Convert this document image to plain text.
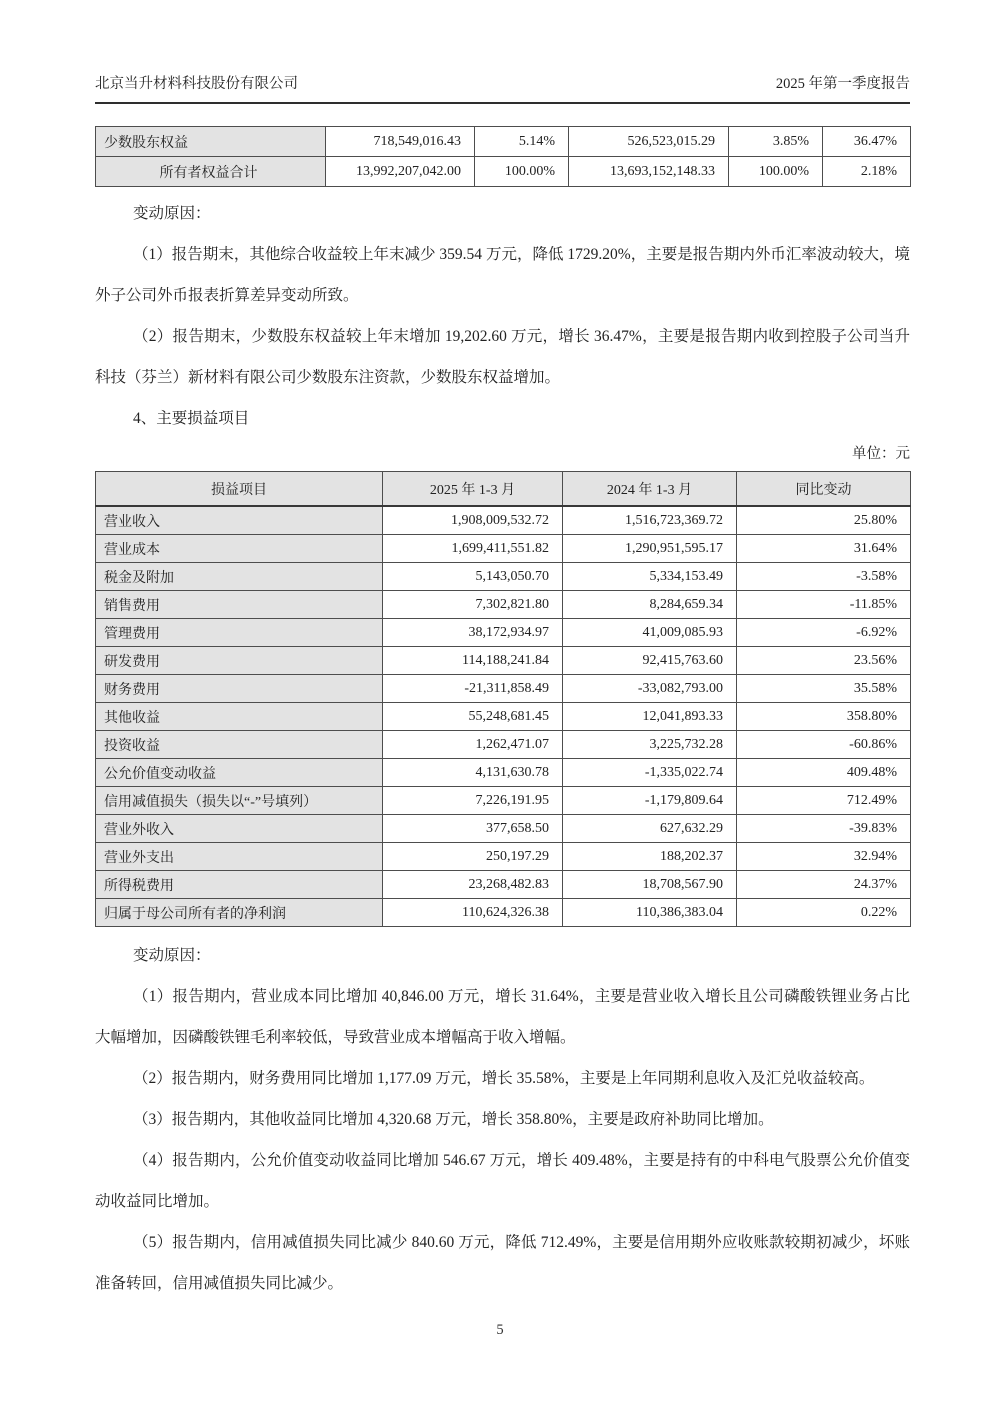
北京当升材料科技股份有限公司	2025 年第一季度报告
少数股东权益	718,549,016.43	5.14%	526,523,015.29	3.85%	36.47%
所有者权益合计	13,992,207,042.00	100.00%	13,693,152,148.33	100.00%	2.18%

变动原因：

（1）报告期末，其他综合收益较上年末减少 359.54 万元，降低 1729.20%，主要是报告期内外币汇率波动较大，境外子公司外币报表折算差异变动所致。

（2）报告期末，少数股东权益较上年末增加 19,202.60 万元，增长 36.47%，主要是报告期内收到控股子公司当升科技（芬兰）新材料有限公司少数股东注资款，少数股东权益增加。

4、主要损益项目

单位：元
损益项目	2025 年 1-3 月	2024 年 1-3 月	同比变动
营业收入	1,908,009,532.72	1,516,723,369.72	25.80%
营业成本	1,699,411,551.82	1,290,951,595.17	31.64%
税金及附加	5,143,050.70	5,334,153.49	-3.58%
销售费用	7,302,821.80	8,284,659.34	-11.85%
管理费用	38,172,934.97	41,009,085.93	-6.92%
研发费用	114,188,241.84	92,415,763.60	23.56%
财务费用	-21,311,858.49	-33,082,793.00	35.58%
其他收益	55,248,681.45	12,041,893.33	358.80%
投资收益	1,262,471.07	3,225,732.28	-60.86%
公允价值变动收益	4,131,630.78	-1,335,022.74	409.48%
信用减值损失（损失以“-”号填列）	7,226,191.95	-1,179,809.64	712.49%
营业外收入	377,658.50	627,632.29	-39.83%
营业外支出	250,197.29	188,202.37	32.94%
所得税费用	23,268,482.83	18,708,567.90	24.37%
归属于母公司所有者的净利润	110,624,326.38	110,386,383.04	0.22%

变动原因：

（1）报告期内，营业成本同比增加 40,846.00 万元，增长 31.64%，主要是营业收入增长且公司磷酸铁锂业务占比大幅增加，因磷酸铁锂毛利率较低，导致营业成本增幅高于收入增幅。

（2）报告期内，财务费用同比增加 1,177.09 万元，增长 35.58%，主要是上年同期利息收入及汇兑收益较高。

（3）报告期内，其他收益同比增加 4,320.68 万元，增长 358.80%，主要是政府补助同比增加。

（4）报告期内，公允价值变动收益同比增加 546.67 万元，增长 409.48%，主要是持有的中科电气股票公允价值变动收益同比增加。

（5）报告期内，信用减值损失同比减少 840.60 万元，降低 712.49%，主要是信用期外应收账款较期初减少，坏账准备转回，信用减值损失同比减少。

5
